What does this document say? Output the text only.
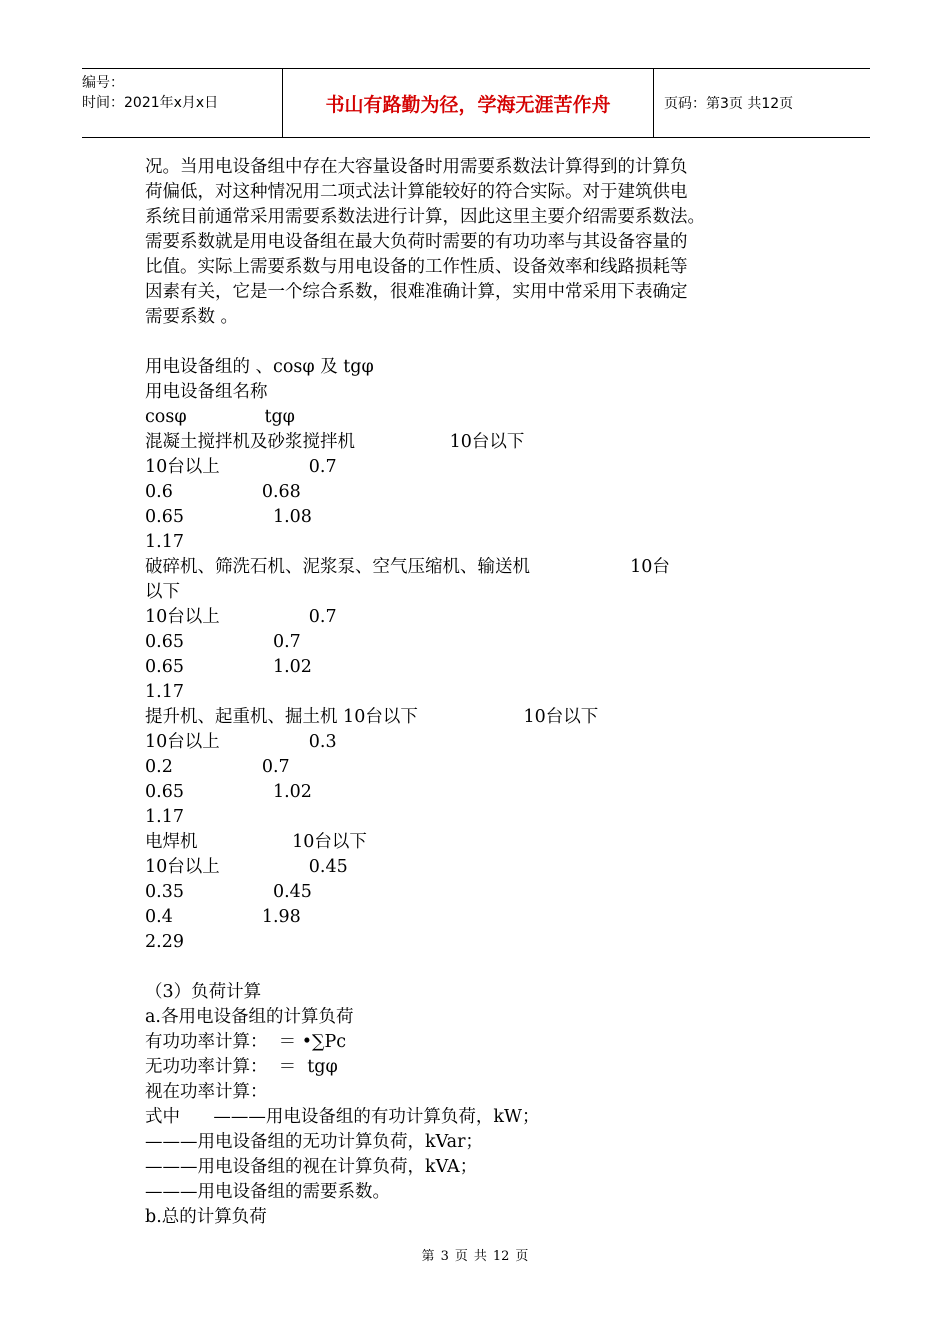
编号：
时间：2021年x月x日	书山有路勤为径，学海无涯苦作舟	页码：第3页 共12页
况。当用电设备组中存在大容量设备时用需要系数法计算得到的计算负
荷偏低，对这种情况用二项式法计算能较好的符合实际。对于建筑供电
系统目前通常采用需要系数法进行计算，因此这里主要介绍需要系数法。
需要系数就是用电设备组在最大负荷时需要的有功功率与其设备容量的
比值。实际上需要系数与用电设备的工作性质、设备效率和线路损耗等
因素有关，它是一个综合系数，很难准确计算，实用中常采用下表确定
需要系数 。
用电设备组的 、cosφ 及 tgφ
用电设备组名称
cosφ              tgφ
混凝土搅拌机及砂浆搅拌机                 10台以下
10台以上                0.7
0.6                0.68
0.65                1.08
1.17
破碎机、筛洗石机、泥浆泵、空气压缩机、输送机                  10台
以下
10台以上                0.7
0.65                0.7
0.65                1.02
1.17
提升机、起重机、掘土机 10台以下                   10台以下
10台以上                0.3
0.2                0.7
0.65                1.02
1.17
电焊机                 10台以下
10台以上                0.45
0.35                0.45
0.4                1.98
2.29
（3）负荷计算
a.各用电设备组的计算负荷
有功功率计算：  ＝ •∑Pc
无功功率计算：  ＝  tgφ
视在功率计算：
式中      ———用电设备组的有功计算负荷，kW；
———用电设备组的无功计算负荷，kVar；
———用电设备组的视在计算负荷，kVA；
———用电设备组的需要系数。
b.总的计算负荷
第 3 页 共 12 页
